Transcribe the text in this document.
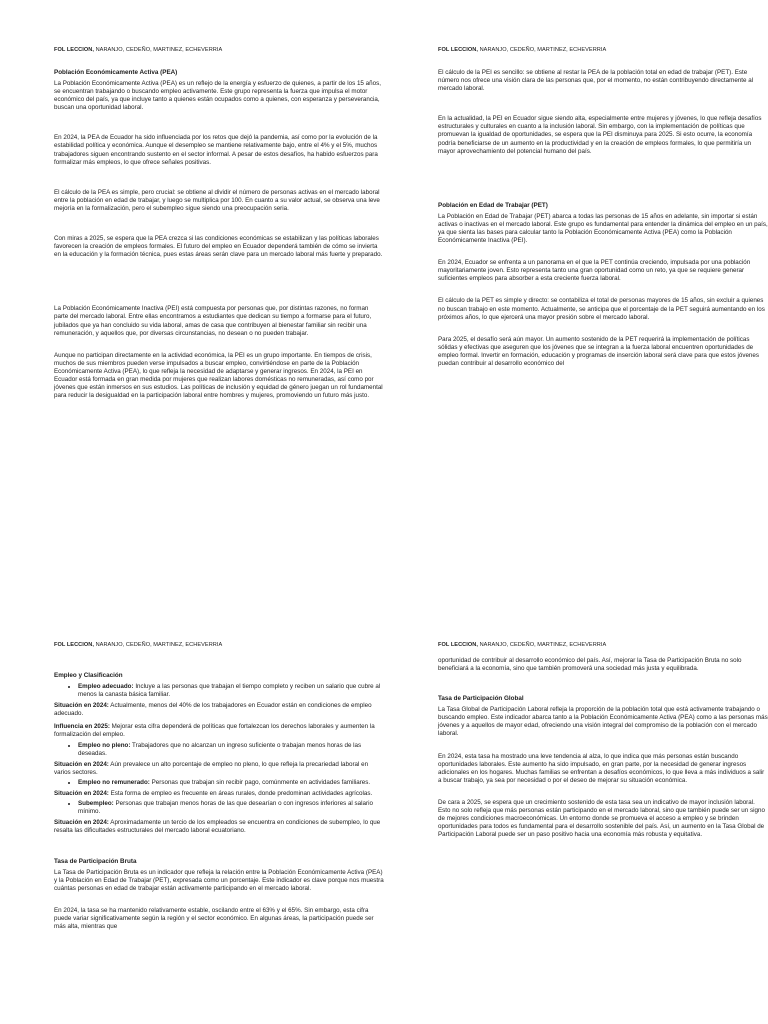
FOL LECCION, NARANJO, CEDEÑO, MARTINEZ, ECHEVERRIA
Población Económicamente Activa (PEA)

La Población Económicamente Activa (PEA) es un reflejo de la energía y esfuerzo de quienes, a partir de los 15 años, se encuentran trabajando o buscando empleo activamente. Este grupo representa la fuerza que impulsa el motor económico del país, ya que incluye tanto a quienes están ocupados como a quienes, con esperanza y perseverancia, buscan una oportunidad laboral.

En 2024, la PEA de Ecuador ha sido influenciada por los retos que dejó la pandemia, así como por la evolución de la estabilidad política y económica. Aunque el desempleo se mantiene relativamente bajo, entre el 4% y el 5%, muchos trabajadores siguen encontrando sustento en el sector informal. A pesar de estos desafíos, ha habido esfuerzos para formalizar más empleos, lo que ofrece señales positivas.

El cálculo de la PEA es simple, pero crucial: se obtiene al dividir el número de personas activas en el mercado laboral entre la población en edad de trabajar, y luego se multiplica por 100. En cuanto a su valor actual, se observa una leve mejoría en la formalización, pero el subempleo sigue siendo una preocupación seria.

Con miras a 2025, se espera que la PEA crezca si las condiciones económicas se estabilizan y las políticas laborales favorecen la creación de empleos formales. El futuro del empleo en Ecuador dependerá también de cómo se invierta en la educación y la formación técnica, pues estas áreas serán clave para un mercado laboral más fuerte y preparado.

La Población Económicamente Inactiva (PEI) está compuesta por personas que, por distintas razones, no forman parte del mercado laboral. Entre ellas encontramos a estudiantes que dedican su tiempo a formarse para el futuro, jubilados que ya han concluido su vida laboral, amas de casa que contribuyen al bienestar familiar sin recibir una remuneración, y aquellos que, por diversas circunstancias, no desean o no pueden trabajar.

Aunque no participan directamente en la actividad económica, la PEI es un grupo importante. En tiempos de crisis, muchos de sus miembros pueden verse impulsados a buscar empleo, convirtiéndose en parte de la Población Económicamente Activa (PEA), lo que refleja la necesidad de adaptarse y generar ingresos. En 2024, la PEI en Ecuador está formada en gran medida por mujeres que realizan labores domésticas no remuneradas, así como por jóvenes que están inmersos en sus estudios. Las políticas de inclusión y equidad de género juegan un rol fundamental para reducir la desigualdad en la participación laboral entre hombres y mujeres, promoviendo un futuro más justo.

FOL LECCION, NARANJO, CEDEÑO, MARTINEZ, ECHEVERRIA

El cálculo de la PEI es sencillo: se obtiene al restar la PEA de la población total en edad de trabajar (PET). Este número nos ofrece una visión clara de las personas que, por el momento, no están contribuyendo directamente al mercado laboral.

En la actualidad, la PEI en Ecuador sigue siendo alta, especialmente entre mujeres y jóvenes, lo que refleja desafíos estructurales y culturales en cuanto a la inclusión laboral. Sin embargo, con la implementación de políticas que promuevan la igualdad de oportunidades, se espera que la PEI disminuya para 2025. Si esto ocurre, la economía podría beneficiarse de un aumento en la productividad y en la creación de empleos formales, lo que permitiría un mayor aprovechamiento del potencial humano del país.

Población en Edad de Trabajar (PET)

La Población en Edad de Trabajar (PET) abarca a todas las personas de 15 años en adelante, sin importar si están activas o inactivas en el mercado laboral. Este grupo es fundamental para entender la dinámica del empleo en un país, ya que sienta las bases para calcular tanto la Población Económicamente Activa (PEA) como la Población Económicamente Inactiva (PEI).

En 2024, Ecuador se enfrenta a un panorama en el que la PET continúa creciendo, impulsada por una población mayoritariamente joven. Esto representa tanto una gran oportunidad como un reto, ya que se requiere generar suficientes empleos para absorber a esta creciente fuerza laboral.

El cálculo de la PET es simple y directo: se contabiliza el total de personas mayores de 15 años, sin excluir a quienes no buscan trabajo en este momento. Actualmente, se anticipa que el porcentaje de la PET seguirá aumentando en los próximos años, lo que ejercerá una mayor presión sobre el mercado laboral.

Para 2025, el desafío será aún mayor. Un aumento sostenido de la PET requerirá la implementación de políticas sólidas y efectivas que aseguren que los jóvenes que se integran a la fuerza laboral encuentren oportunidades de empleo formal. Invertir en formación, educación y programas de inserción laboral será clave para que estos jóvenes puedan contribuir al desarrollo económico del

FOL LECCION, NARANJO, CEDEÑO, MARTINEZ, ECHEVERRIA
Empleo y Clasificación
• Empleo adecuado: Incluye a las personas que trabajan el tiempo completo y reciben un salario que cubre al menos la canasta básica familiar.

Situación en 2024: Actualmente, menos del 40% de los trabajadores en Ecuador están en condiciones de empleo adecuado.

Influencia en 2025: Mejorar esta cifra dependerá de políticas que fortalezcan los derechos laborales y aumenten la formalización del empleo.

• Empleo no pleno: Trabajadores que no alcanzan un ingreso suficiente o trabajan menos horas de las deseadas.

Situación en 2024: Aún prevalece un alto porcentaje de empleo no pleno, lo que refleja la precariedad laboral en varios sectores.

• Empleo no remunerado: Personas que trabajan sin recibir pago, comúnmente en actividades familiares.

Situación en 2024: Esta forma de empleo es frecuente en áreas rurales, donde predominan actividades agrícolas.

• Subempleo: Personas que trabajan menos horas de las que desearían o con ingresos inferiores al salario mínimo.

Situación en 2024: Aproximadamente un tercio de los empleados se encuentra en condiciones de subempleo, lo que resalta las dificultades estructurales del mercado laboral ecuatoriano.

Tasa de Participación Bruta

La Tasa de Participación Bruta es un indicador que refleja la relación entre la Población Económicamente Activa (PEA) y la Población en Edad de Trabajar (PET), expresada como un porcentaje. Este indicador es clave porque nos muestra cuántas personas en edad de trabajar están activamente participando en el mercado laboral.

En 2024, la tasa se ha mantenido relativamente estable, oscilando entre el 63% y el 65%. Sin embargo, esta cifra puede variar significativamente según la región y el sector económico. En algunas áreas, la participación puede ser más alta, mientras que

FOL LECCION, NARANJO, CEDEÑO, MARTINEZ, ECHEVERRIA

oportunidad de contribuir al desarrollo económico del país. Así, mejorar la Tasa de Participación Bruta no solo beneficiará a la economía, sino que también promoverá una sociedad más justa y equilibrada.

Tasa de Participación Global

La Tasa Global de Participación Laboral refleja la proporción de la población total que está activamente trabajando o buscando empleo. Este indicador abarca tanto a la Población Económicamente Activa (PEA) como a las personas más jóvenes y a aquellos de mayor edad, ofreciendo una visión integral del compromiso de la población con el mercado laboral.

En 2024, esta tasa ha mostrado una leve tendencia al alza, lo que indica que más personas están buscando oportunidades laborales. Este aumento ha sido impulsado, en gran parte, por la necesidad de generar ingresos adicionales en los hogares. Muchas familias se enfrentan a desafíos económicos, lo que lleva a más individuos a salir a buscar trabajo, ya sea por necesidad o por el deseo de mejorar su situación económica.

De cara a 2025, se espera que un crecimiento sostenido de esta tasa sea un indicativo de mayor inclusión laboral. Esto no solo refleja que más personas están participando en el mercado laboral, sino que también puede ser un signo de mejores condiciones macroeconómicas. Un entorno donde se promueva el acceso a empleo y se brinden oportunidades para todos es fundamental para el desarrollo sostenible del país. Así, un aumento en la Tasa Global de Participación Laboral puede ser un paso positivo hacia una economía más robusta y equitativa.
